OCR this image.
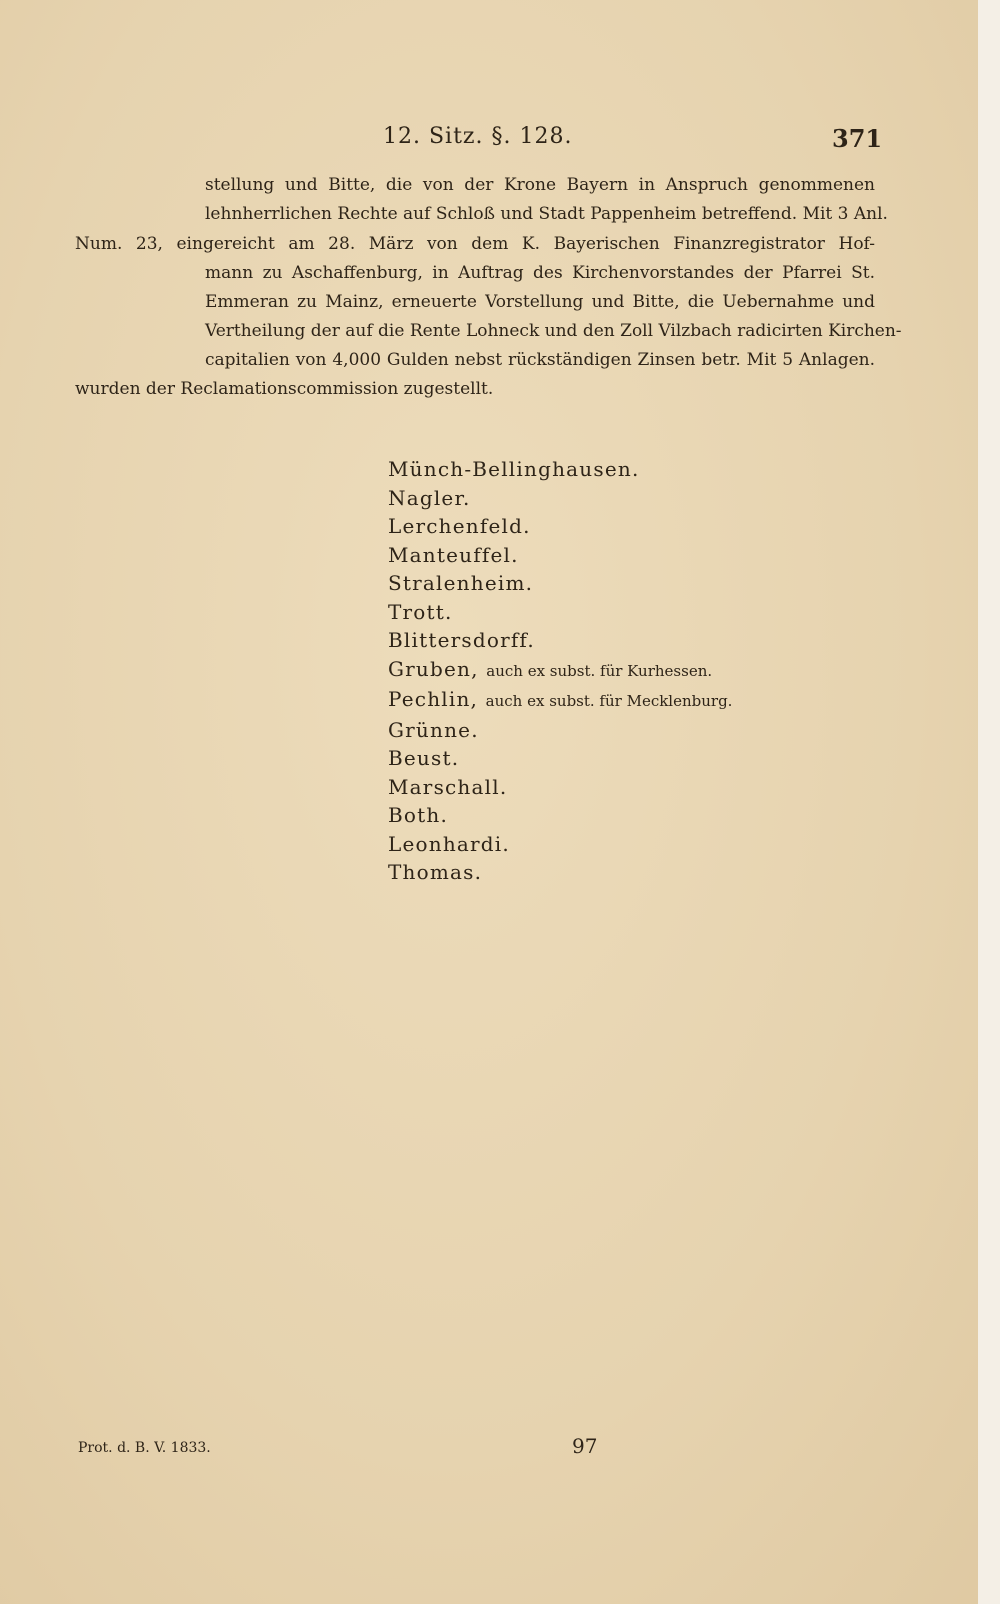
12. Sitz. §. 128.	371
stellung und Bitte, die von der Krone Bayern in Anspruch genommenen
lehnherrlichen Rechte auf Schloß und Stadt Pappenheim betreffend. Mit 3 Anl.
Num. 23, eingereicht am 28. März von dem K. Bayerischen Finanzregistrator Hof-
mann zu Aschaffenburg, in Auftrag des Kirchenvorstandes der Pfarrei St.
Emmeran zu Mainz, erneuerte Vorstellung und Bitte, die Uebernahme und
Vertheilung der auf die Rente Lohneck und den Zoll Vilzbach radicirten Kirchen-
capitalien von 4,000 Gulden nebst rückständigen Zinsen betr. Mit 5 Anlagen.
wurden der Reclamationscommission zugestellt.
Münch-Bellinghausen.
Nagler.
Lerchenfeld.
Manteuffel.
Stralenheim.
Trott.
Blittersdorff.
Gruben, auch ex subst. für Kurhessen.
Pechlin, auch ex subst. für Mecklenburg.
Grünne.
Beust.
Marschall.
Both.
Leonhardi.
Thomas.
Prot. d. B. V. 1833.	97
